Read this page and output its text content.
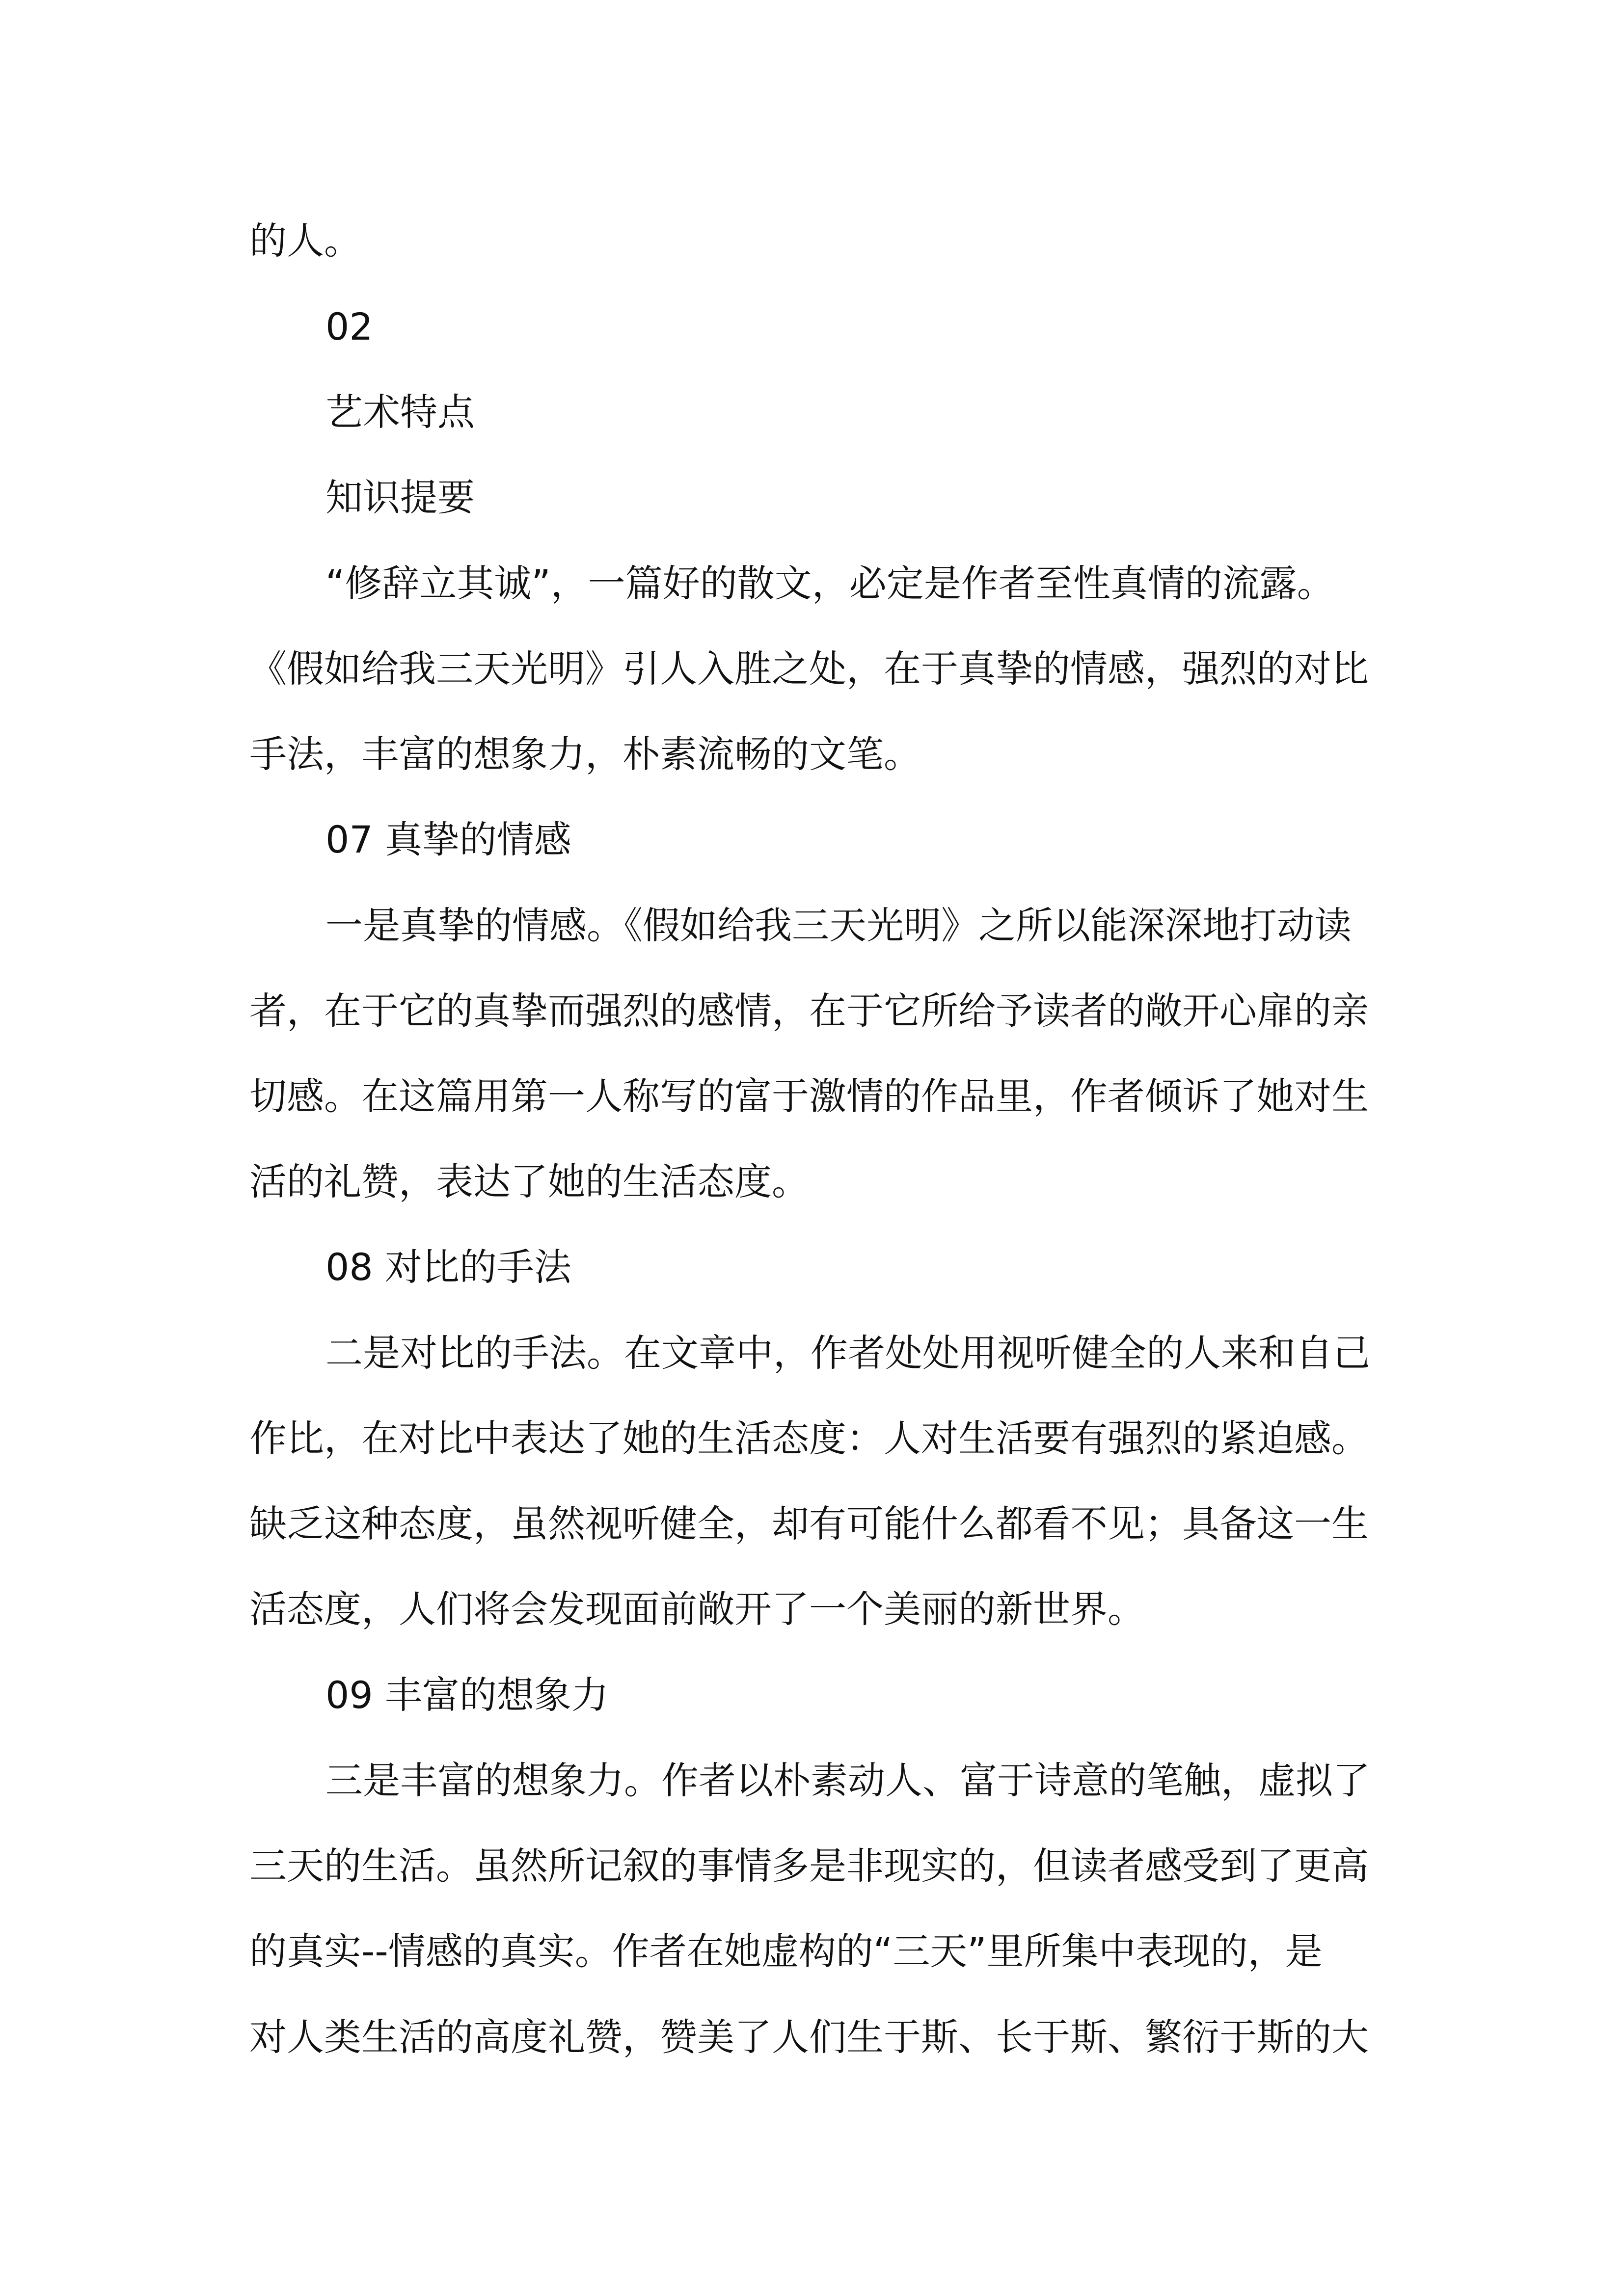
的人。
02
艺术特点
知识提要
“修辞立其诚”，一篇好的散文，必定是作者至性真情的流露。
《假如给我三天光明》引人入胜之处，在于真挚的情感，强烈的对比
手法，丰富的想象力，朴素流畅的文笔。
07 真挚的情感
一是真挚的情感。《假如给我三天光明》之所以能深深地打动读
者，在于它的真挚而强烈的感情，在于它所给予读者的敞开心扉的亲
切感。在这篇用第一人称写的富于激情的作品里，作者倾诉了她对生
活的礼赞，表达了她的生活态度。
08 对比的手法
二是对比的手法。在文章中，作者处处用视听健全的人来和自己
作比，在对比中表达了她的生活态度：人对生活要有强烈的紧迫感。
缺乏这种态度，虽然视听健全，却有可能什么都看不见；具备这一生
活态度，人们将会发现面前敞开了一个美丽的新世界。
09 丰富的想象力
三是丰富的想象力。作者以朴素动人、富于诗意的笔触，虚拟了
三天的生活。虽然所记叙的事情多是非现实的，但读者感受到了更高
的真实--情感的真实。作者在她虚构的“三天”里所集中表现的，是
对人类生活的高度礼赞，赞美了人们生于斯、长于斯、繁衍于斯的大
